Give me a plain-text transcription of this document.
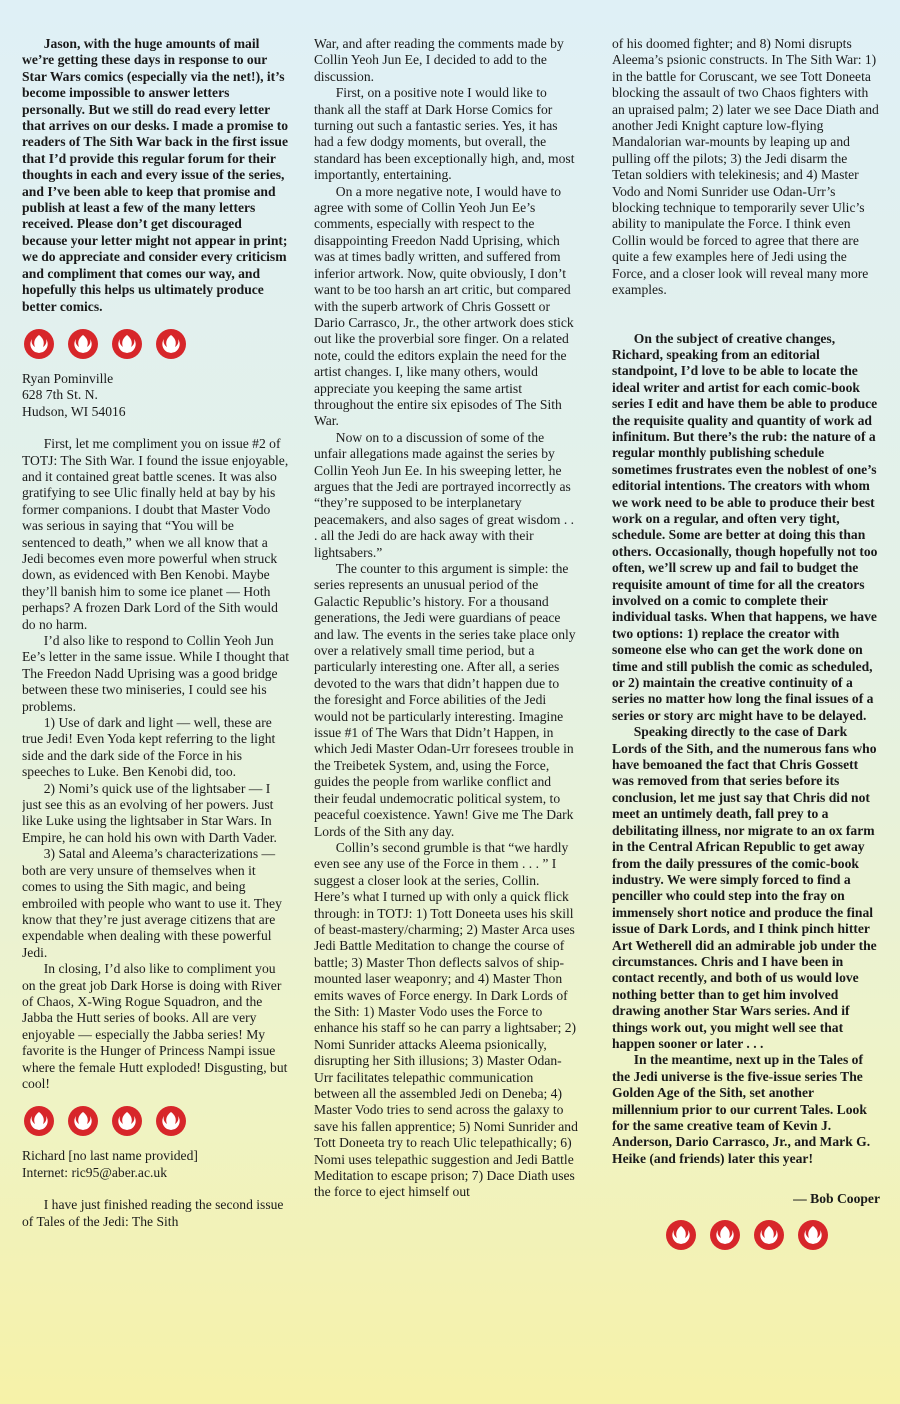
Jason, with the huge amounts of mail we’re getting these days in response to our Star Wars comics (especially via the net!), it’s become impossible to answer letters personally. But we still do read every letter that arrives on our desks. I made a promise to readers of The Sith War back in the first issue that I’d provide this regular forum for their thoughts in each and every issue of the series, and I’ve been able to keep that promise and publish at least a few of the many letters received. Please don’t get discouraged because your letter might not appear in print; we do appreciate and consider every criticism and compliment that comes our way, and hopefully this helps us ultimately produce better comics.

Ryan Pominville

628 7th St. N.

Hudson, WI 54016

First, let me compliment you on issue #2 of TOTJ: The Sith War. I found the issue enjoyable, and it contained great battle scenes. It was also gratifying to see Ulic finally held at bay by his former companions. I doubt that Master Vodo was serious in saying that “You will be sentenced to death,” when we all know that a Jedi becomes even more powerful when struck down, as evidenced with Ben Kenobi. Maybe they’ll banish him to some ice planet — Hoth perhaps? A frozen Dark Lord of the Sith would do no harm.

I’d also like to respond to Collin Yeoh Jun Ee’s letter in the same issue. While I thought that The Freedon Nadd Uprising was a good bridge between these two miniseries, I could see his problems.

1) Use of dark and light — well, these are true Jedi! Even Yoda kept referring to the light side and the dark side of the Force in his speeches to Luke. Ben Kenobi did, too.

2) Nomi’s quick use of the lightsaber — I just see this as an evolving of her powers. Just like Luke using the lightsaber in Star Wars. In Empire, he can hold his own with Darth Vader.

3) Satal and Aleema’s characterizations — both are very unsure of themselves when it comes to using the Sith magic, and being embroiled with people who want to use it. They know that they’re just average citizens that are expendable when dealing with these powerful Jedi.

In closing, I’d also like to compliment you on the great job Dark Horse is doing with River of Chaos, X-Wing Rogue Squadron, and the Jabba the Hutt series of books. All are very enjoyable — especially the Jabba series! My favorite is the Hunger of Princess Nampi issue where the female Hutt exploded! Disgusting, but cool!

Richard [no last name provided]

Internet: ric95@aber.ac.uk

I have just finished reading the second issue of Tales of the Jedi: The Sith

War, and after reading the comments made by Collin Yeoh Jun Ee, I decided to add to the discussion.

First, on a positive note I would like to thank all the staff at Dark Horse Comics for turning out such a fantastic series. Yes, it has had a few dodgy moments, but overall, the standard has been exceptionally high, and, most importantly, entertaining.

On a more negative note, I would have to agree with some of Collin Yeoh Jun Ee’s comments, especially with respect to the disappointing Freedon Nadd Uprising, which was at times badly written, and suffered from inferior artwork. Now, quite obviously, I don’t want to be too harsh an art critic, but compared with the superb artwork of Chris Gossett or Dario Carrasco, Jr., the other artwork does stick out like the proverbial sore finger. On a related note, could the editors explain the need for the artist changes. I, like many others, would appreciate you keeping the same artist throughout the entire six episodes of The Sith War.

Now on to a discussion of some of the unfair allegations made against the series by Collin Yeoh Jun Ee. In his sweeping letter, he argues that the Jedi are portrayed incorrectly as “they’re supposed to be interplanetary peacemakers, and also sages of great wisdom . . . all the Jedi do are hack away with their lightsabers.”

The counter to this argument is simple: the series represents an unusual period of the Galactic Republic’s history. For a thousand generations, the Jedi were guardians of peace and law. The events in the series take place only over a relatively small time period, but a particularly interesting one. After all, a series devoted to the wars that didn’t happen due to the foresight and Force abilities of the Jedi would not be particularly interesting. Imagine issue #1 of The Wars that Didn’t Happen, in which Jedi Master Odan-Urr foresees trouble in the Treibetek System, and, using the Force, guides the people from warlike conflict and their feudal undemocratic political system, to peaceful coexistence. Yawn! Give me The Dark Lords of the Sith any day.

Collin’s second grumble is that “we hardly even see any use of the Force in them . . . ” I suggest a closer look at the series, Collin. Here’s what I turned up with only a quick flick through: in TOTJ: 1) Tott Doneeta uses his skill of beast-mastery/charming; 2) Master Arca uses Jedi Battle Meditation to change the course of battle; 3) Master Thon deflects salvos of ship-mounted laser weaponry; and 4) Master Thon emits waves of Force energy. In Dark Lords of the Sith: 1) Master Vodo uses the Force to enhance his staff so he can parry a lightsaber; 2) Nomi Sunrider attacks Aleema psionically, disrupting her Sith illusions; 3) Master Odan-Urr facilitates telepathic communication between all the assembled Jedi on Deneba; 4) Master Vodo tries to send across the galaxy to save his fallen apprentice; 5) Nomi Sunrider and Tott Doneeta try to reach Ulic telepathically; 6) Nomi uses telepathic suggestion and Jedi Battle Meditation to escape prison; 7) Dace Diath uses the force to eject himself out

of his doomed fighter; and 8) Nomi disrupts Aleema’s psionic constructs. In The Sith War: 1) in the battle for Coruscant, we see Tott Doneeta blocking the assault of two Chaos fighters with an upraised palm; 2) later we see Dace Diath and another Jedi Knight capture low-flying Mandalorian war-mounts by leaping up and pulling off the pilots; 3) the Jedi disarm the Tetan soldiers with telekinesis; and 4) Master Vodo and Nomi Sunrider use Odan-Urr’s blocking technique to temporarily sever Ulic’s ability to manipulate the Force. I think even Collin would be forced to agree that there are quite a few examples here of Jedi using the Force, and a closer look will reveal many more examples.

On the subject of creative changes, Richard, speaking from an editorial standpoint, I’d love to be able to locate the ideal writer and artist for each comic-book series I edit and have them be able to produce the requisite quality and quantity of work ad infinitum. But there’s the rub: the nature of a regular monthly publishing schedule sometimes frustrates even the noblest of one’s editorial intentions. The creators with whom we work need to be able to produce their best work on a regular, and often very tight, schedule. Some are better at doing this than others. Occasionally, though hopefully not too often, we’ll screw up and fail to budget the requisite amount of time for all the creators involved on a comic to complete their individual tasks. When that happens, we have two options: 1) replace the creator with someone else who can get the work done on time and still publish the comic as scheduled, or 2) maintain the creative continuity of a series no matter how long the final issues of a series or story arc might have to be delayed.

Speaking directly to the case of Dark Lords of the Sith, and the numerous fans who have bemoaned the fact that Chris Gossett was removed from that series before its conclusion, let me just say that Chris did not meet an untimely death, fall prey to a debilitating illness, nor migrate to an ox farm in the Central African Republic to get away from the daily pressures of the comic-book industry. We were simply forced to find a penciller who could step into the fray on immensely short notice and produce the final issue of Dark Lords, and I think pinch hitter Art Wetherell did an admirable job under the circumstances. Chris and I have been in contact recently, and both of us would love nothing better than to get him involved drawing another Star Wars series. And if things work out, you might well see that happen sooner or later . . .

In the meantime, next up in the Tales of the Jedi universe is the five-issue series The Golden Age of the Sith, set another millennium prior to our current Tales. Look for the same creative team of Kevin J. Anderson, Dario Carrasco, Jr., and Mark G. Heike (and friends) later this year!

— Bob Cooper
